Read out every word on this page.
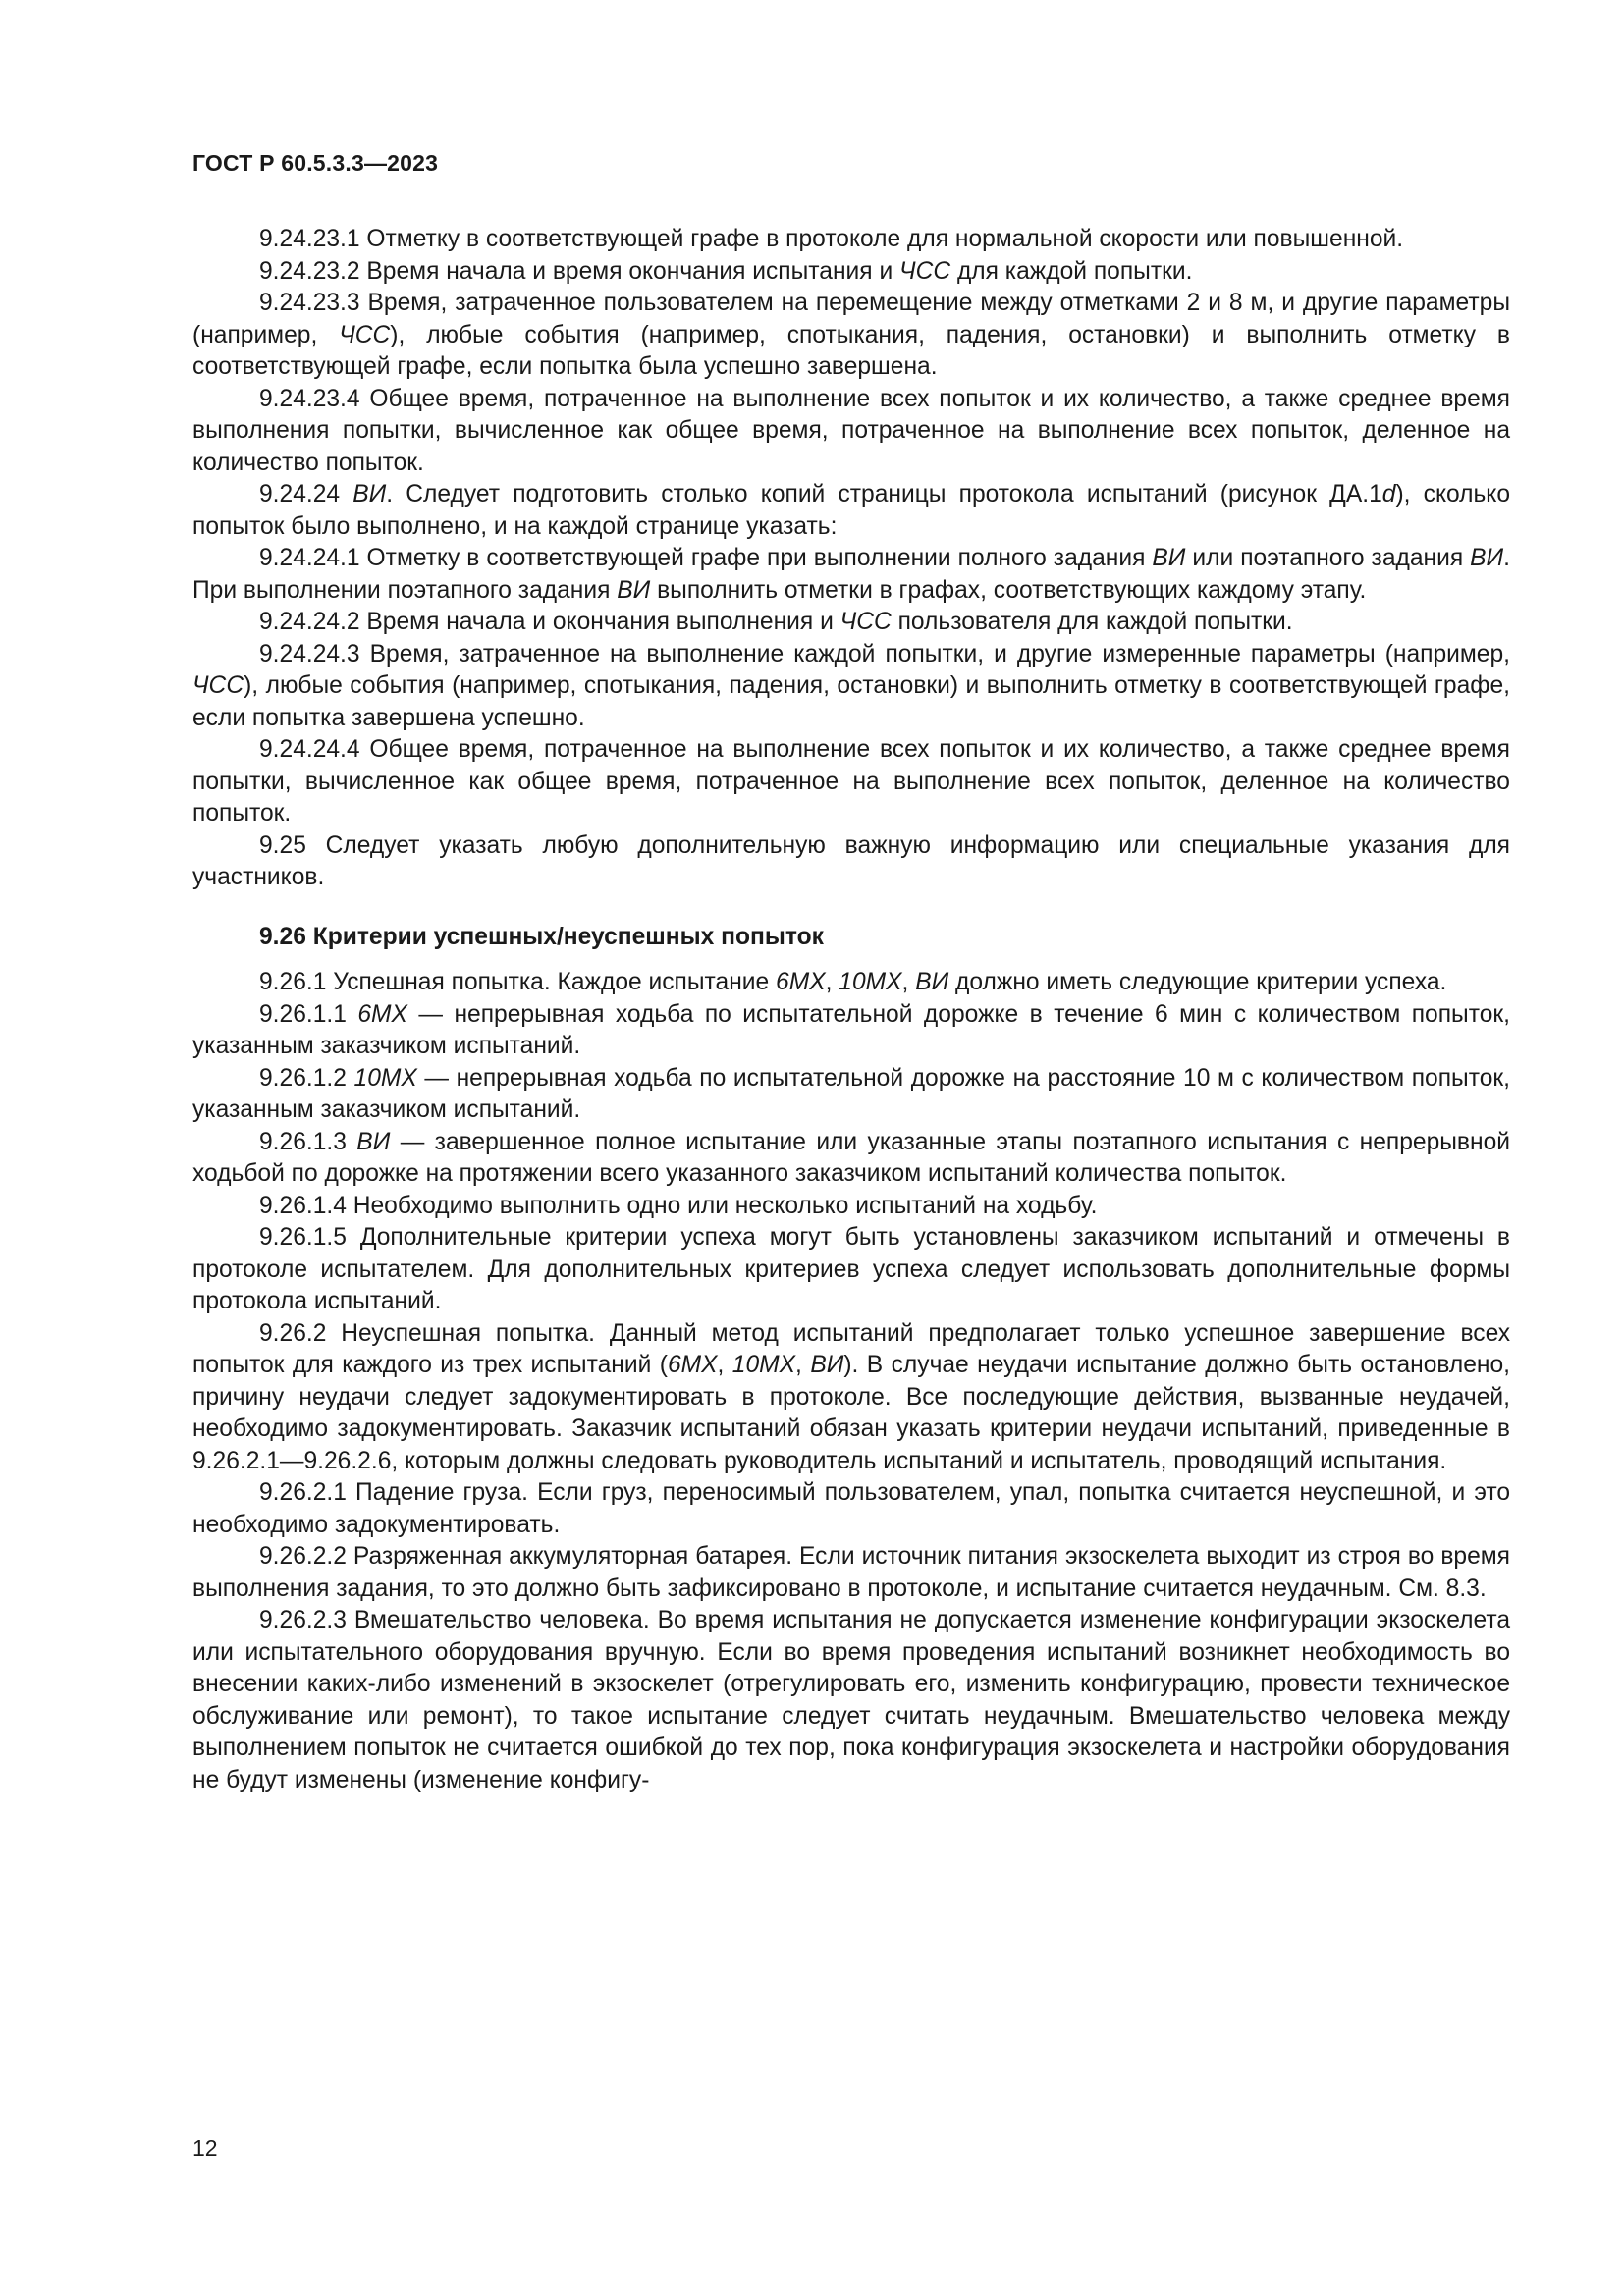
ГОСТ Р 60.5.3.3—2023

9.24.23.1 Отметку в соответствующей графе в протоколе для нормальной скорости или повышенной.

9.24.23.2 Время начала и время окончания испытания и ЧСС для каждой попытки.

9.24.23.3 Время, затраченное пользователем на перемещение между отметками 2 и 8 м, и другие параметры (например, ЧСС), любые события (например, спотыкания, падения, остановки) и выполнить отметку в соответствующей графе, если попытка была успешно завершена.

9.24.23.4 Общее время, потраченное на выполнение всех попыток и их количество, а также среднее время выполнения попытки, вычисленное как общее время, потраченное на выполнение всех попыток, деленное на количество попыток.

9.24.24 ВИ. Следует подготовить столько копий страницы протокола испытаний (рисунок ДА.1d), сколько попыток было выполнено, и на каждой странице указать:

9.24.24.1 Отметку в соответствующей графе при выполнении полного задания ВИ или поэтапного задания ВИ. При выполнении поэтапного задания ВИ выполнить отметки в графах, соответствующих каждому этапу.

9.24.24.2 Время начала и окончания выполнения и ЧСС пользователя для каждой попытки.

9.24.24.3 Время, затраченное на выполнение каждой попытки, и другие измеренные параметры (например, ЧСС), любые события (например, спотыкания, падения, остановки) и выполнить отметку в соответствующей графе, если попытка завершена успешно.

9.24.24.4 Общее время, потраченное на выполнение всех попыток и их количество, а также среднее время попытки, вычисленное как общее время, потраченное на выполнение всех попыток, деленное на количество попыток.

9.25 Следует указать любую дополнительную важную информацию или специальные указания для участников.

9.26 Критерии успешных/неуспешных попыток

9.26.1 Успешная попытка. Каждое испытание 6МХ, 10МХ, ВИ должно иметь следующие критерии успеха.

9.26.1.1 6МХ — непрерывная ходьба по испытательной дорожке в течение 6 мин с количеством попыток, указанным заказчиком испытаний.

9.26.1.2 10МХ — непрерывная ходьба по испытательной дорожке на расстояние 10 м с количеством попыток, указанным заказчиком испытаний.

9.26.1.3 ВИ — завершенное полное испытание или указанные этапы поэтапного испытания с непрерывной ходьбой по дорожке на протяжении всего указанного заказчиком испытаний количества попыток.

9.26.1.4 Необходимо выполнить одно или несколько испытаний на ходьбу.

9.26.1.5 Дополнительные критерии успеха могут быть установлены заказчиком испытаний и отмечены в протоколе испытателем. Для дополнительных критериев успеха следует использовать дополнительные формы протокола испытаний.

9.26.2 Неуспешная попытка. Данный метод испытаний предполагает только успешное завершение всех попыток для каждого из трех испытаний (6МХ, 10МХ, ВИ). В случае неудачи испытание должно быть остановлено, причину неудачи следует задокументировать в протоколе. Все последующие действия, вызванные неудачей, необходимо задокументировать. Заказчик испытаний обязан указать критерии неудачи испытаний, приведенные в 9.26.2.1—9.26.2.6, которым должны следовать руководитель испытаний и испытатель, проводящий испытания.

9.26.2.1 Падение груза. Если груз, переносимый пользователем, упал, попытка считается неуспешной, и это необходимо задокументировать.

9.26.2.2 Разряженная аккумуляторная батарея. Если источник питания экзоскелета выходит из строя во время выполнения задания, то это должно быть зафиксировано в протоколе, и испытание считается неудачным. См. 8.3.

9.26.2.3 Вмешательство человека. Во время испытания не допускается изменение конфигурации экзоскелета или испытательного оборудования вручную. Если во время проведения испытаний возникнет необходимость во внесении каких-либо изменений в экзоскелет (отрегулировать его, изменить конфигурацию, провести техническое обслуживание или ремонт), то такое испытание следует считать неудачным. Вмешательство человека между выполнением попыток не считается ошибкой до тех пор, пока конфигурация экзоскелета и настройки оборудования не будут изменены (изменение конфигу-

12
